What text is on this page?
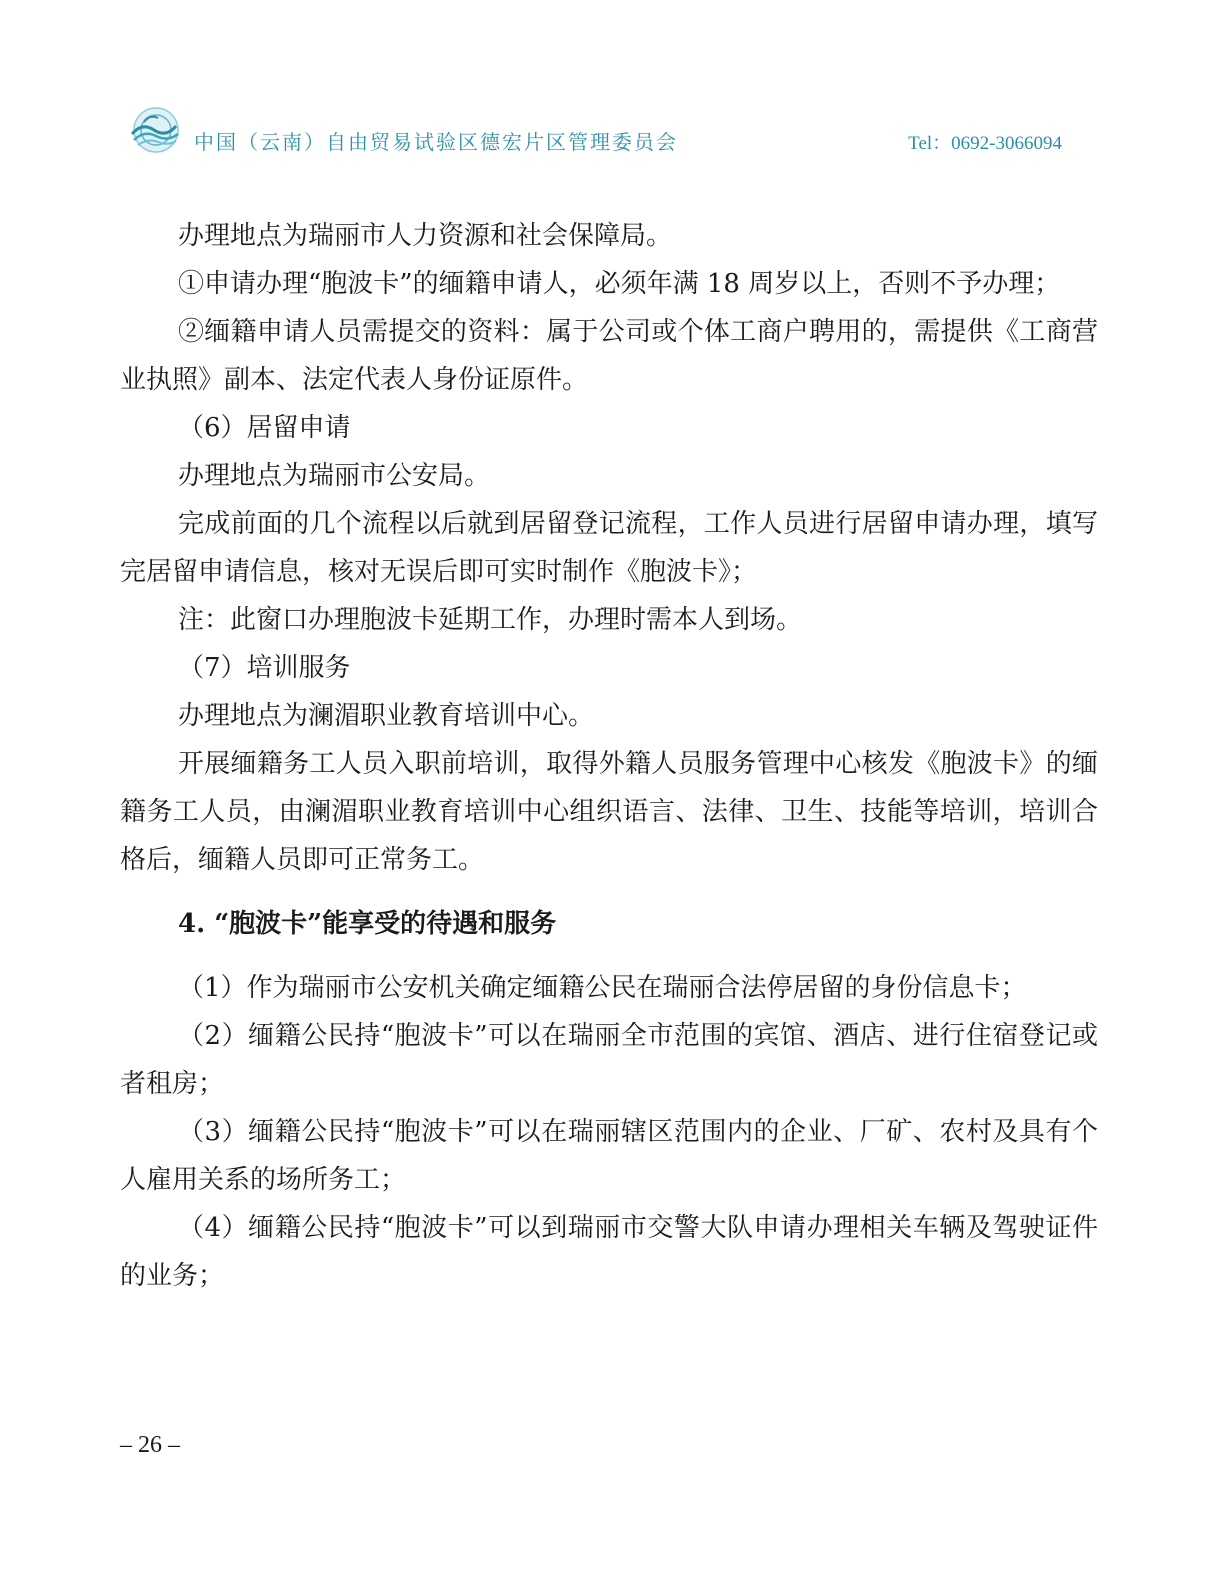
中国（云南）自由贸易试验区德宏片区管理委员会	Tel：0692-3066094

办理地点为瑞丽市人力资源和社会保障局。

①申请办理“胞波卡”的缅籍申请人，必须年满 18 周岁以上，否则不予办理；

②缅籍申请人员需提交的资料：属于公司或个体工商户聘用的，需提供《工商营业执照》副本、法定代表人身份证原件。

（6）居留申请

办理地点为瑞丽市公安局。

完成前面的几个流程以后就到居留登记流程，工作人员进行居留申请办理，填写完居留申请信息，核对无误后即可实时制作《胞波卡》；

注：此窗口办理胞波卡延期工作，办理时需本人到场。

（7）培训服务

办理地点为澜湄职业教育培训中心。

开展缅籍务工人员入职前培训，取得外籍人员服务管理中心核发《胞波卡》的缅籍务工人员，由澜湄职业教育培训中心组织语言、法律、卫生、技能等培训，培训合格后，缅籍人员即可正常务工。

4. “胞波卡”能享受的待遇和服务

（1）作为瑞丽市公安机关确定缅籍公民在瑞丽合法停居留的身份信息卡；

（2）缅籍公民持“胞波卡”可以在瑞丽全市范围的宾馆、酒店、进行住宿登记或者租房；

（3）缅籍公民持“胞波卡”可以在瑞丽辖区范围内的企业、厂矿、农村及具有个人雇用关系的场所务工；

（4）缅籍公民持“胞波卡”可以到瑞丽市交警大队申请办理相关车辆及驾驶证件的业务；

– 26 –
